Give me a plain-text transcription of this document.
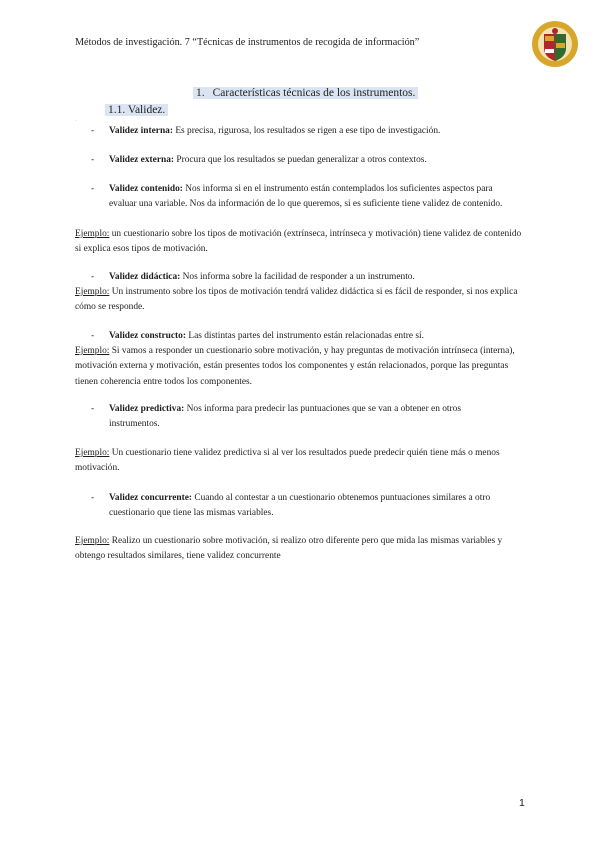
Métodos de investigación. 7 “Técnicas de instrumentos de recogida de información”
1. Características técnicas de los instrumentos.
1.1. Validez.
·
- Validez interna: Es precisa, rigurosa, los resultados se rigen a ese tipo de investigación.
- Validez externa: Procura que los resultados se puedan generalizar a otros contextos.
- Validez contenido: Nos informa si en el instrumento están contemplados los suficientes aspectos para evaluar una variable. Nos da información de lo que queremos, si es suficiente tiene validez de contenido.
Ejemplo: un cuestionario sobre los tipos de motivación (extrínseca, intrínseca y motivación) tiene validez de contenido si explica esos tipos de motivación.
- Validez didáctica: Nos informa sobre la facilidad de responder a un instrumento.
Ejemplo: Un instrumento sobre los tipos de motivación tendrá validez didáctica si es fácil de responder, si nos explica cómo se responde.
- Validez constructo: Las distintas partes del instrumento están relacionadas entre sí.
Ejemplo: Si vamos a responder un cuestionario sobre motivación, y hay preguntas de motivación intrínseca (interna), motivación externa y motivación, están presentes todos los componentes y están relacionados, porque las preguntas tienen coherencia entre todos los componentes.
- Validez predictiva: Nos informa para predecir las puntuaciones que se van a obtener en otros instrumentos.
Ejemplo: Un cuestionario tiene validez predictiva si al ver los resultados puede predecir quién tiene más o menos motivación.
- Validez concurrente: Cuando al contestar a un cuestionario obtenemos puntuaciones similares a otro cuestionario que tiene las mismas variables.
Ejemplo: Realizo un cuestionario sobre motivación, si realizo otro diferente pero que mida las mismas variables y obtengo resultados similares, tiene validez concurrente
1
